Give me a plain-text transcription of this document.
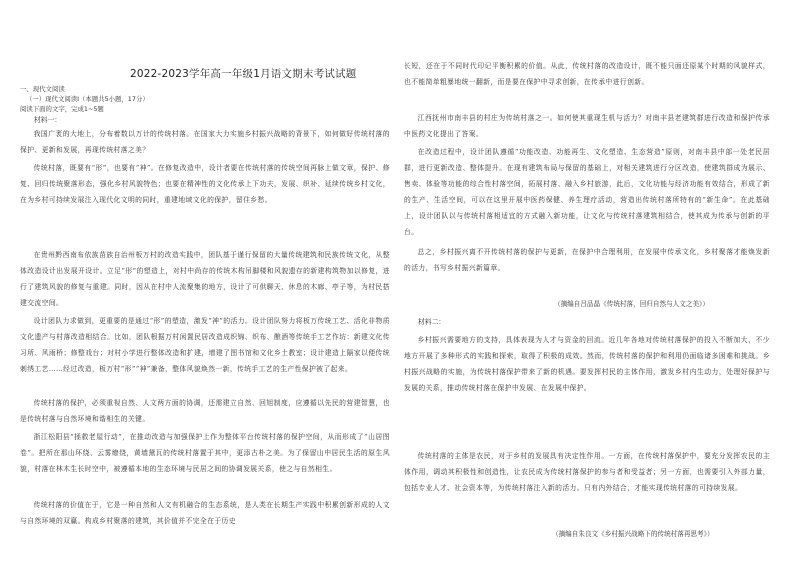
2022-2023学年高一年级1月语文期末考试试题
一、现代文阅读
（一）现代文阅读Ⅰ（本题共5小题，17分）
阅读下面的文字，完成1~5题
材料一：
我国广袤的大地上，分布着数以万计的传统村落。在国家大力实施乡村振兴战略的背景下，如何做好传统村落的保护、更新和发展，再现传统村落之美？
传统村落，既要有“形”，也要有“神”。在修复改造中，设计者要在传统村落的传统空间再脉上做文章，保护、修复、回归传统聚落形态，强化乡村风貌特色；也要在精神性的文化传承上下功夫，发展、织补、延续传统乡村文化，在为乡村可持续发展注入现代化文明的同时，重建地域文化的保护，留住乡愁。
在贵州黔西南布依族苗族自治州板万村的改造实践中，团队基于谨行保留的大量传统建筑和民族传统文化，从整体改造设计出发展开设计。立足“形”的塑造上，对村中尚存的传统木构吊脚楼和风貌遗存的新建构筑物加以修复，进行了建筑风貌的修复与重建。同时，因从在村中人流聚集的地方，设计了可供聊天、休息的木廊、亭子等，为村民搭建交流空间。
设计团队力求做到，更重要的是通过“形”的塑造，激发“神”的活力。设计团队努力将板万传统工艺、活化非物质文化遗产与村落改造相结合。比如，团队根据万村闲置民居改造成织锦、织布、酿酒等传统手工艺作坊：新建文化传习所、风雨桥；修整戏台；对村小学进行整体改造和扩建，增建了图书馆和文化乡土教室；设计建造上隔家以便传统刺绣工艺……经过改造，板万村“形”“神”兼备，整体风貌焕然一新，传统手工艺的生产性保护被了起来。
传统村落的保护，必须重视自然、人文两方面的协调，还需建立自然、回旭制度，应遵循以先民的营建智慧，也是传统村落与自然环境和谐相生的关键。
浙江松阳县“拯救老屋行动”，在推动改造与加强保护上作为整体平台传统村落的保护空间，从而形成了“山居图卷”。把所在那山环绕、云雾缭绕，黄墙黛瓦的传统村落置于其中，更添古朴之美。为了保留山中居民生活的原生风貌，村落在林木生长时空中，被遵循本地的生态环境与民居之间的协调发展关系，使之与自然相生。
传统村落的价值在于，它是一种自然和人文有机融合的生态系统，是人类在长期生产实践中积累创新形成的人文与自然环境的双赢。构成乡村聚落的建筑，其价值并不完全在于历史
长短，还在于不同时代印记平衡积累的价值。从此，传统村落的改造设计，既不能只面还原某个时期的风貌样式，也不能简单粗暴地统一翻新，而是要在保护中寻求创新，在传承中进行创新。
江西抚州市南丰县的村庄为传统村落之一。如何使其重现生机与活力？对南丰县老建筑群进行改造和保护传承中医药文化提出了答案。
在改造过程中，设计团队遵循“功能改造、功能再生、文化塑造、生态营造”原则，对南丰县中部一处老民居群，进行更新改造、整体提升。在现有建筑布局与保留的基础上，对相关建筑进行分区改造，使建筑群成为展示、售卖、体验等功能的综合性村落空间，拓展村落、融入乡村旅游，此后，文化功能与经济功能有效结合，形成了新的生产、生活空间，可以在这里开展中医药保健、养生理疗活动，营造出传统村落所特有的“新生命”。在此基础上，设计团队以与传统村落相适宜的方式融入新功能，让文化与传统村落建筑相结合，使其成为传承与创新的平台。
总之，乡村振兴离不开传统村落的保护与更新，在保护中合理利用，在发展中传承文化，乡村聚落才能焕发新的活力，书写乡村振兴新篇章。
（摘编自吕品晶《传统村落，回归自然与人文之美》）
材料二：
乡村振兴需要地方的支持，具体表现为人才与资金的回流。近几年各地对传统村落保护的投入不断加大，不少地方开展了多种形式的实践和探索，取得了积极的成效。然而，传统村落的保护和利用仍面临诸多困难和挑战。乡村振兴战略的实施，为传统村落保护带来了新的机遇。要发挥村民的主体作用，激发乡村内生动力，处理好保护与发展的关系，推动传统村落在保护中发展、在发展中保护。
传统村落的主体是农民，对于乡村的发展具有决定性作用。一方面，在传统村落保护中，要充分发挥农民的主体作用，调动其积极性和创造性，让农民成为传统村落保护的参与者和受益者；另一方面，也需要引入外部力量，包括专业人才、社会资本等，为传统村落注入新的活力。只有内外结合，才能实现传统村落的可持续发展。
（摘编自朱良文《乡村振兴战略下的传统村落再思考》）
